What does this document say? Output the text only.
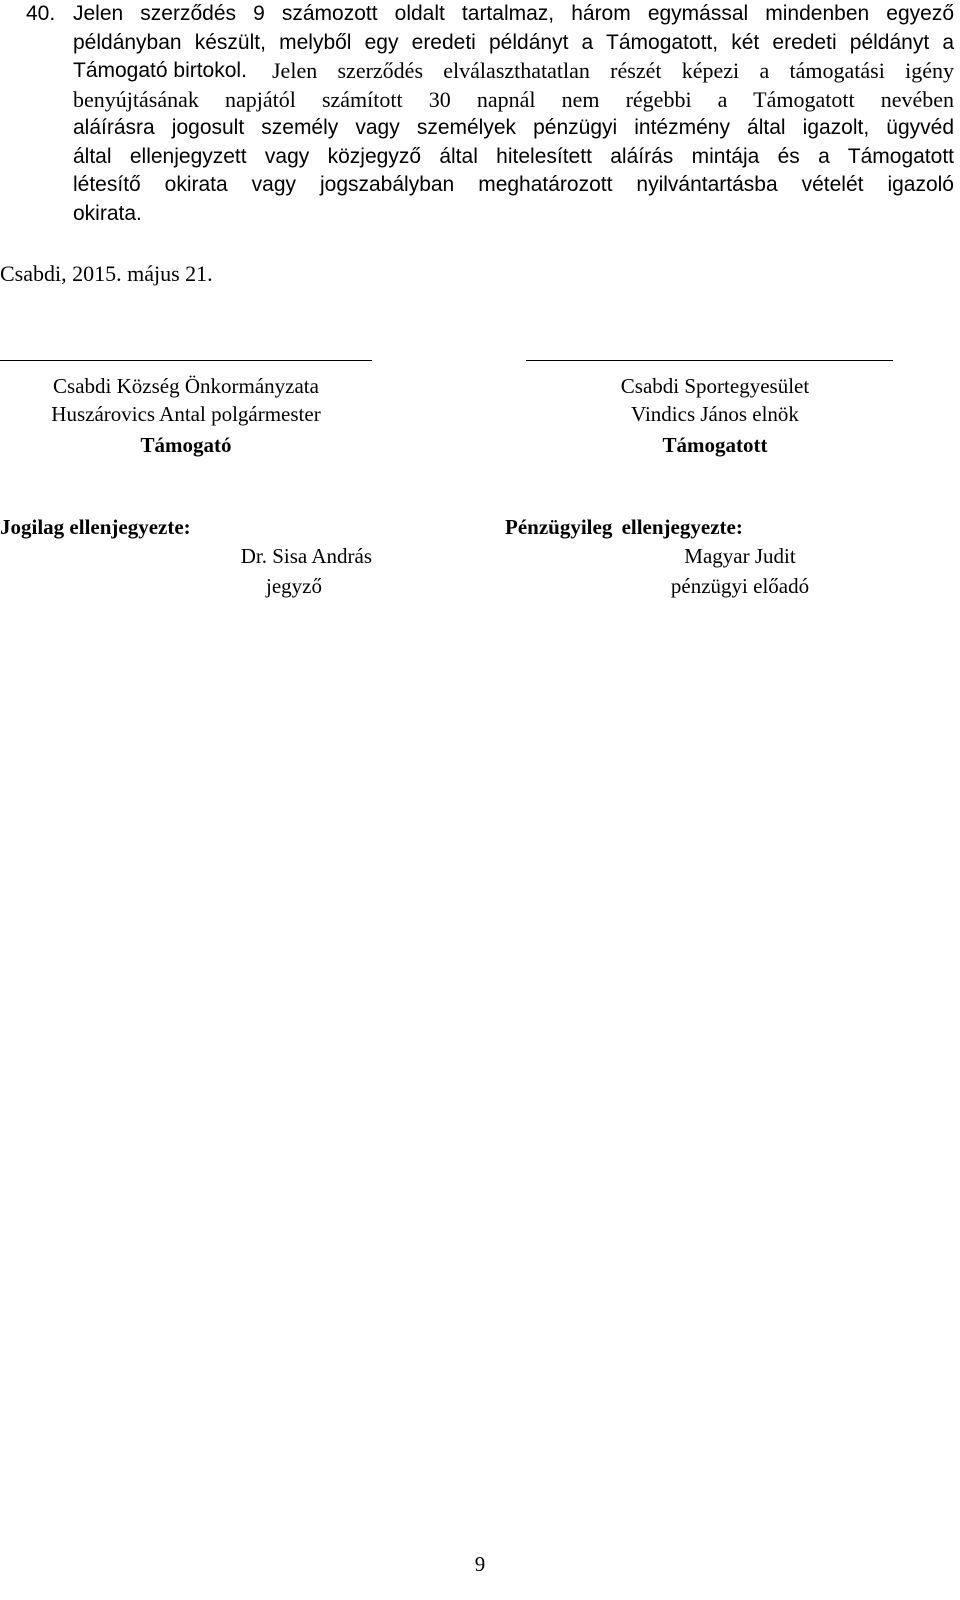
40. Jelen szerződés 9 számozott oldalt tartalmaz, három egymással mindenben egyező
példányban készült, melyből egy eredeti példányt a Támogatott, két eredeti példányt a
Támogató birtokol. Jelen szerződés elválaszthatatlan részét képezi a támogatási igény
benyújtásának napjától számított 30 napnál nem régebbi a Támogatott nevében
aláírásra jogosult személy vagy személyek pénzügyi intézmény által igazolt, ügyvéd
által ellenjegyzett vagy közjegyző által hitelesített aláírás mintája és a Támogatott
létesítő okirata vagy jogszabályban meghatározott nyilvántartásba vételét igazoló
okirata.
Csabdi, 2015. május 21.
Csabdi Község Önkormányzata
Huszárovics Antal polgármester
Támogató
Csabdi Sportegyesület
Vindics János elnök
Támogatott
Jogilag ellenjegyezte:
Dr. Sisa András
jegyző
Pénzügyileg ellenjegyezte:
Magyar Judit
pénzügyi előadó
9
